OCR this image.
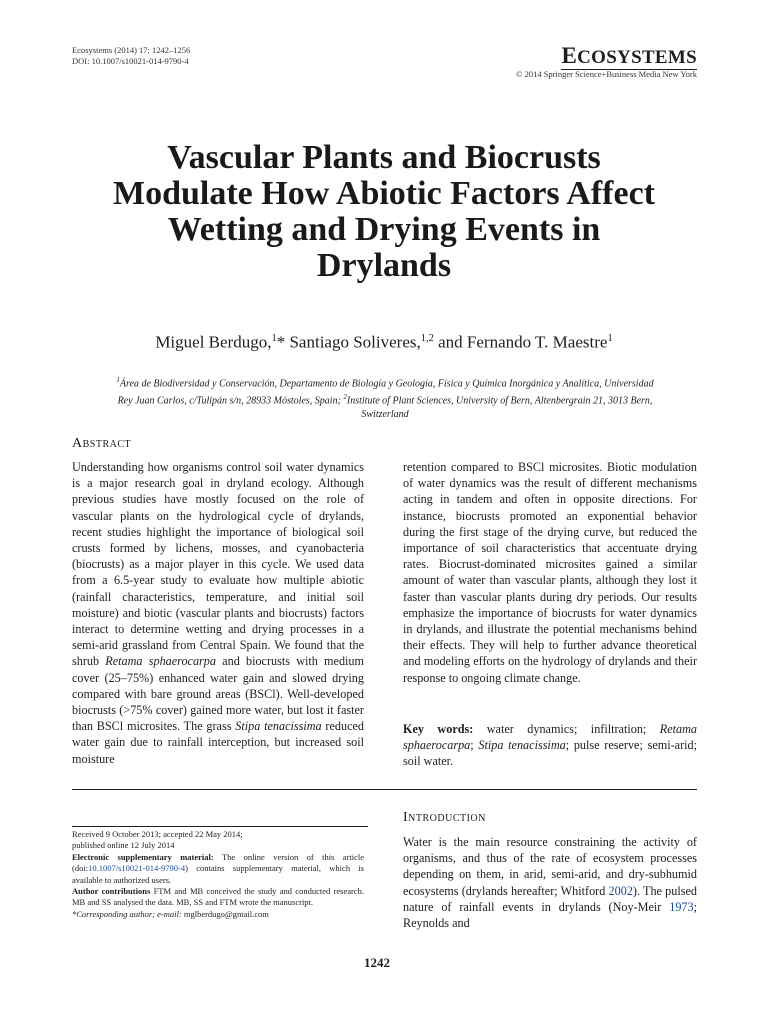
Ecosystems (2014) 17: 1242–1256
DOI: 10.1007/s10021-014-9790-4	ECOSYSTEMS
© 2014 Springer Science+Business Media New York
Vascular Plants and Biocrusts
Modulate How Abiotic Factors Affect
Wetting and Drying Events in
Drylands
Miguel Berdugo,$^1$* Santiago Soliveres,$^{1,2}$ and Fernando T. Maestre$^1$
$^1$Área de Biodiversidad y Conservación, Departamento de Biología y Geología, Física y Química Inorgánica y Analítica, Universidad
Rey Juan Carlos, c/Tulipán s/n, 28933 Móstoles, Spain; $^2$Institute of Plant Sciences, University of Bern, Altenbergrain 21, 3013 Bern,
Switzerland
Abstract

Understanding how organisms control soil water dynamics is a major research goal in dryland ecology. Although previous studies have mostly focused on the role of vascular plants on the hydrological cycle of drylands, recent studies highlight the importance of biological soil crusts formed by lichens, mosses, and cyanobacteria (biocrusts) as a major player in this cycle. We used data from a 6.5-year study to evaluate how multiple abiotic (rainfall characteristics, temperature, and initial soil moisture) and biotic (vascular plants and biocrusts) factors interact to determine wetting and drying processes in a semi-arid grassland from Central Spain. We found that the shrub Retama sphaerocarpa and biocrusts with medium cover (25–75%) enhanced water gain and slowed drying compared with bare ground areas (BSCl). Well-developed biocrusts (>75% cover) gained more water, but lost it faster than BSCl microsites. The grass Stipa tenacissima reduced water gain due to rainfall interception, but increased soil moisture

retention compared to BSCl microsites. Biotic modulation of water dynamics was the result of different mechanisms acting in tandem and often in opposite directions. For instance, biocrusts promoted an exponential behavior during the first stage of the drying curve, but reduced the importance of soil characteristics that accentuate drying rates. Biocrust-dominated microsites gained a similar amount of water than vascular plants, although they lost it faster than vascular plants during dry periods. Our results emphasize the importance of biocrusts for water dynamics in drylands, and illustrate the potential mechanisms behind their effects. They will help to further advance theoretical and modeling efforts on the hydrology of drylands and their response to ongoing climate change.

Key words: water dynamics; infiltration; Retama sphaerocarpa; Stipa tenacissima; pulse reserve; semi-arid; soil water.

Received 9 October 2013; accepted 22 May 2014;
published online 12 July 2014
Electronic supplementary material: The online version of this article (doi:10.1007/s10021-014-9790-4) contains supplementary material, which is available to authorized users.
Author contributions FTM and MB conceived the study and conducted research. MB and SS analysed the data. MB, SS and FTM wrote the manuscript.
*Corresponding author; e-mail: mglberdugo@gmail.com
Introduction

Water is the main resource constraining the activity of organisms, and thus of the rate of ecosystem processes depending on them, in arid, semi-arid, and dry-subhumid ecosystems (drylands hereafter; Whitford 2002). The pulsed nature of rainfall events in drylands (Noy-Meir 1973; Reynolds and

1242
